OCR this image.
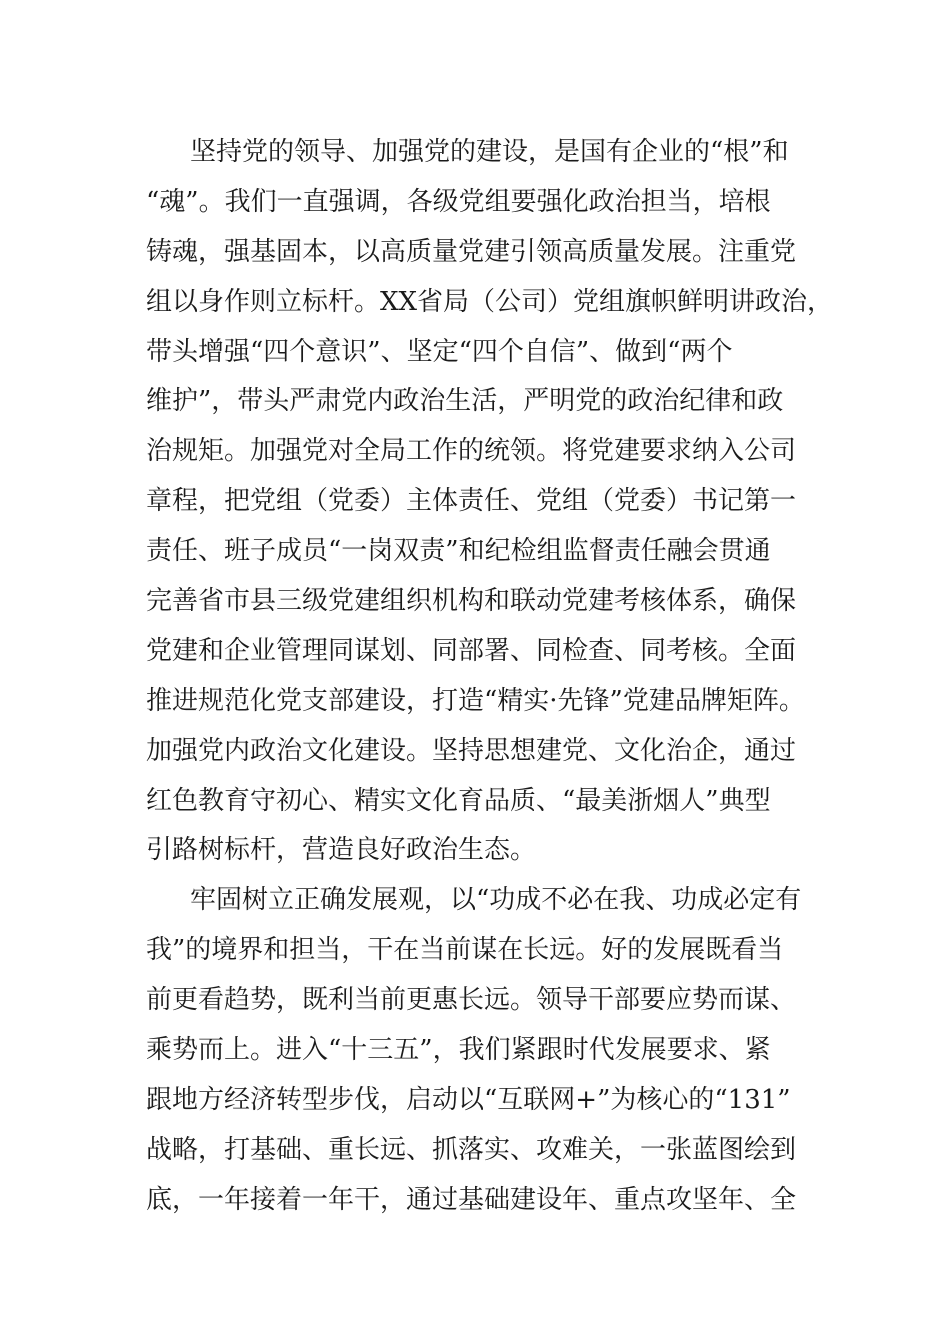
坚持党的领导、加强党的建设，是国有企业的“根”和
“魂”。我们一直强调，各级党组要强化政治担当，培根
铸魂，强基固本，以高质量党建引领高质量发展。注重党
组以身作则立标杆。XX省局（公司）党组旗帜鲜明讲政治，
带头增强“四个意识”、坚定“四个自信”、做到“两个
维护”，带头严肃党内政治生活，严明党的政治纪律和政
治规矩。加强党对全局工作的统领。将党建要求纳入公司
章程，把党组（党委）主体责任、党组（党委）书记第一
责任、班子成员“一岗双责”和纪检组监督责任融会贯通
完善省市县三级党建组织机构和联动党建考核体系，确保
党建和企业管理同谋划、同部署、同检查、同考核。全面
推进规范化党支部建设，打造“精实·先锋”党建品牌矩阵。
加强党内政治文化建设。坚持思想建党、文化治企，通过
红色教育守初心、精实文化育品质、“最美浙烟人”典型
引路树标杆，营造良好政治生态。
牢固树立正确发展观，以“功成不必在我、功成必定有
我”的境界和担当，干在当前谋在长远。好的发展既看当
前更看趋势，既利当前更惠长远。领导干部要应势而谋、
乘势而上。进入“十三五”，我们紧跟时代发展要求、紧
跟地方经济转型步伐，启动以“互联网+”为核心的“131”
战略，打基础、重长远、抓落实、攻难关，一张蓝图绘到
底，一年接着一年干，通过基础建设年、重点攻坚年、全
